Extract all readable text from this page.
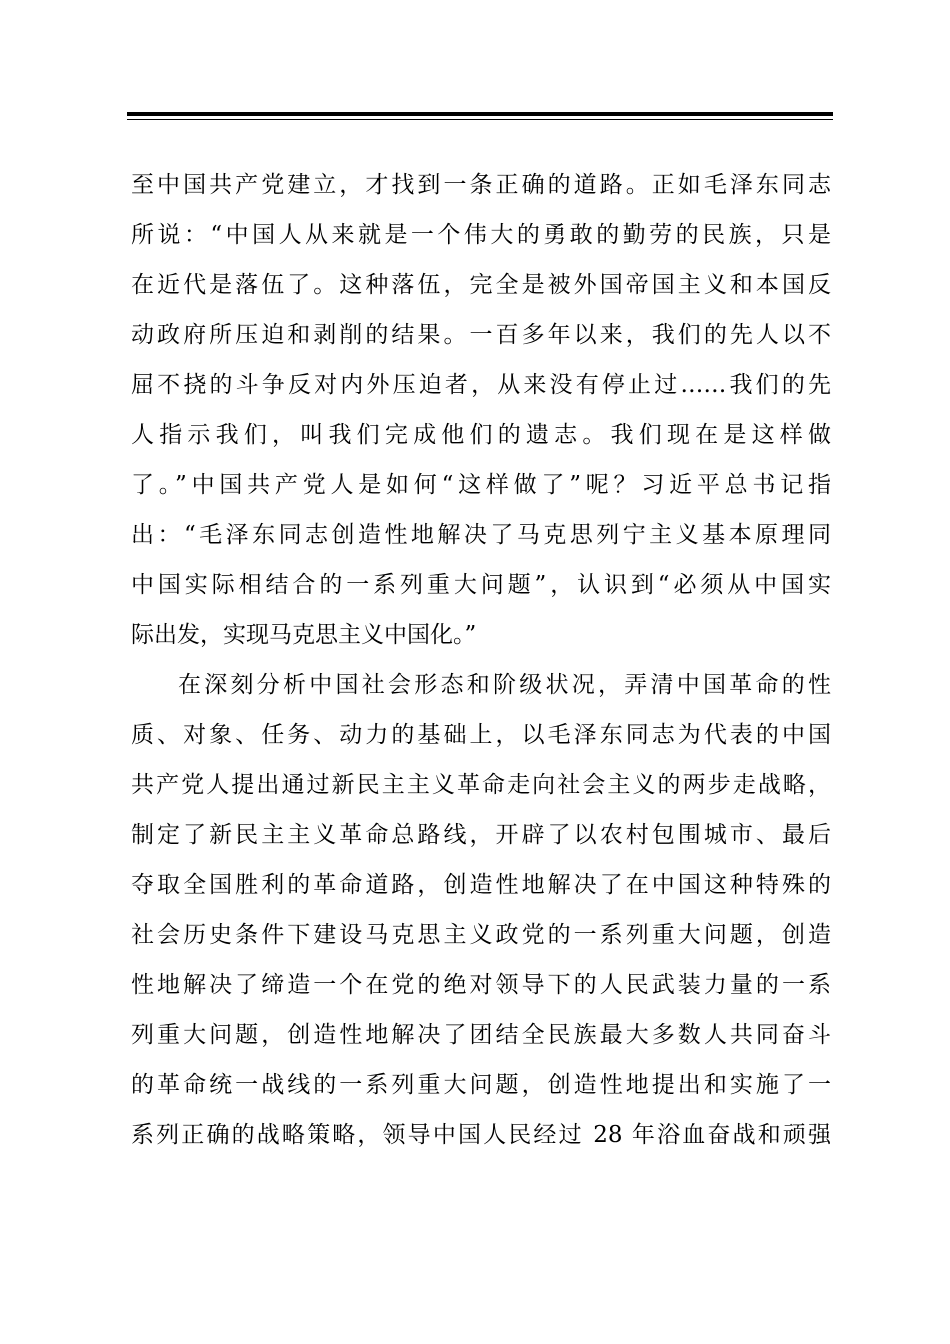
至中国共产党建立，才找到一条正确的道路。正如毛泽东同志
所说：“中国人从来就是一个伟大的勇敢的勤劳的民族，只是
在近代是落伍了。这种落伍，完全是被外国帝国主义和本国反
动政府所压迫和剥削的结果。一百多年以来，我们的先人以不
屈不挠的斗争反对内外压迫者，从来没有停止过……我们的先
人指示我们，叫我们完成他们的遗志。我们现在是这样做
了。”中国共产党人是如何“这样做了”呢？习近平总书记指
出：“毛泽东同志创造性地解决了马克思列宁主义基本原理同
中国实际相结合的一系列重大问题”，认识到“必须从中国实
际出发，实现马克思主义中国化。”
在深刻分析中国社会形态和阶级状况，弄清中国革命的性
质、对象、任务、动力的基础上，以毛泽东同志为代表的中国
共产党人提出通过新民主主义革命走向社会主义的两步走战略，
制定了新民主主义革命总路线，开辟了以农村包围城市、最后
夺取全国胜利的革命道路，创造性地解决了在中国这种特殊的
社会历史条件下建设马克思主义政党的一系列重大问题，创造
性地解决了缔造一个在党的绝对领导下的人民武装力量的一系
列重大问题，创造性地解决了团结全民族最大多数人共同奋斗
的革命统一战线的一系列重大问题，创造性地提出和实施了一
系列正确的战略策略，领导中国人民经过 28 年浴血奋战和顽强
